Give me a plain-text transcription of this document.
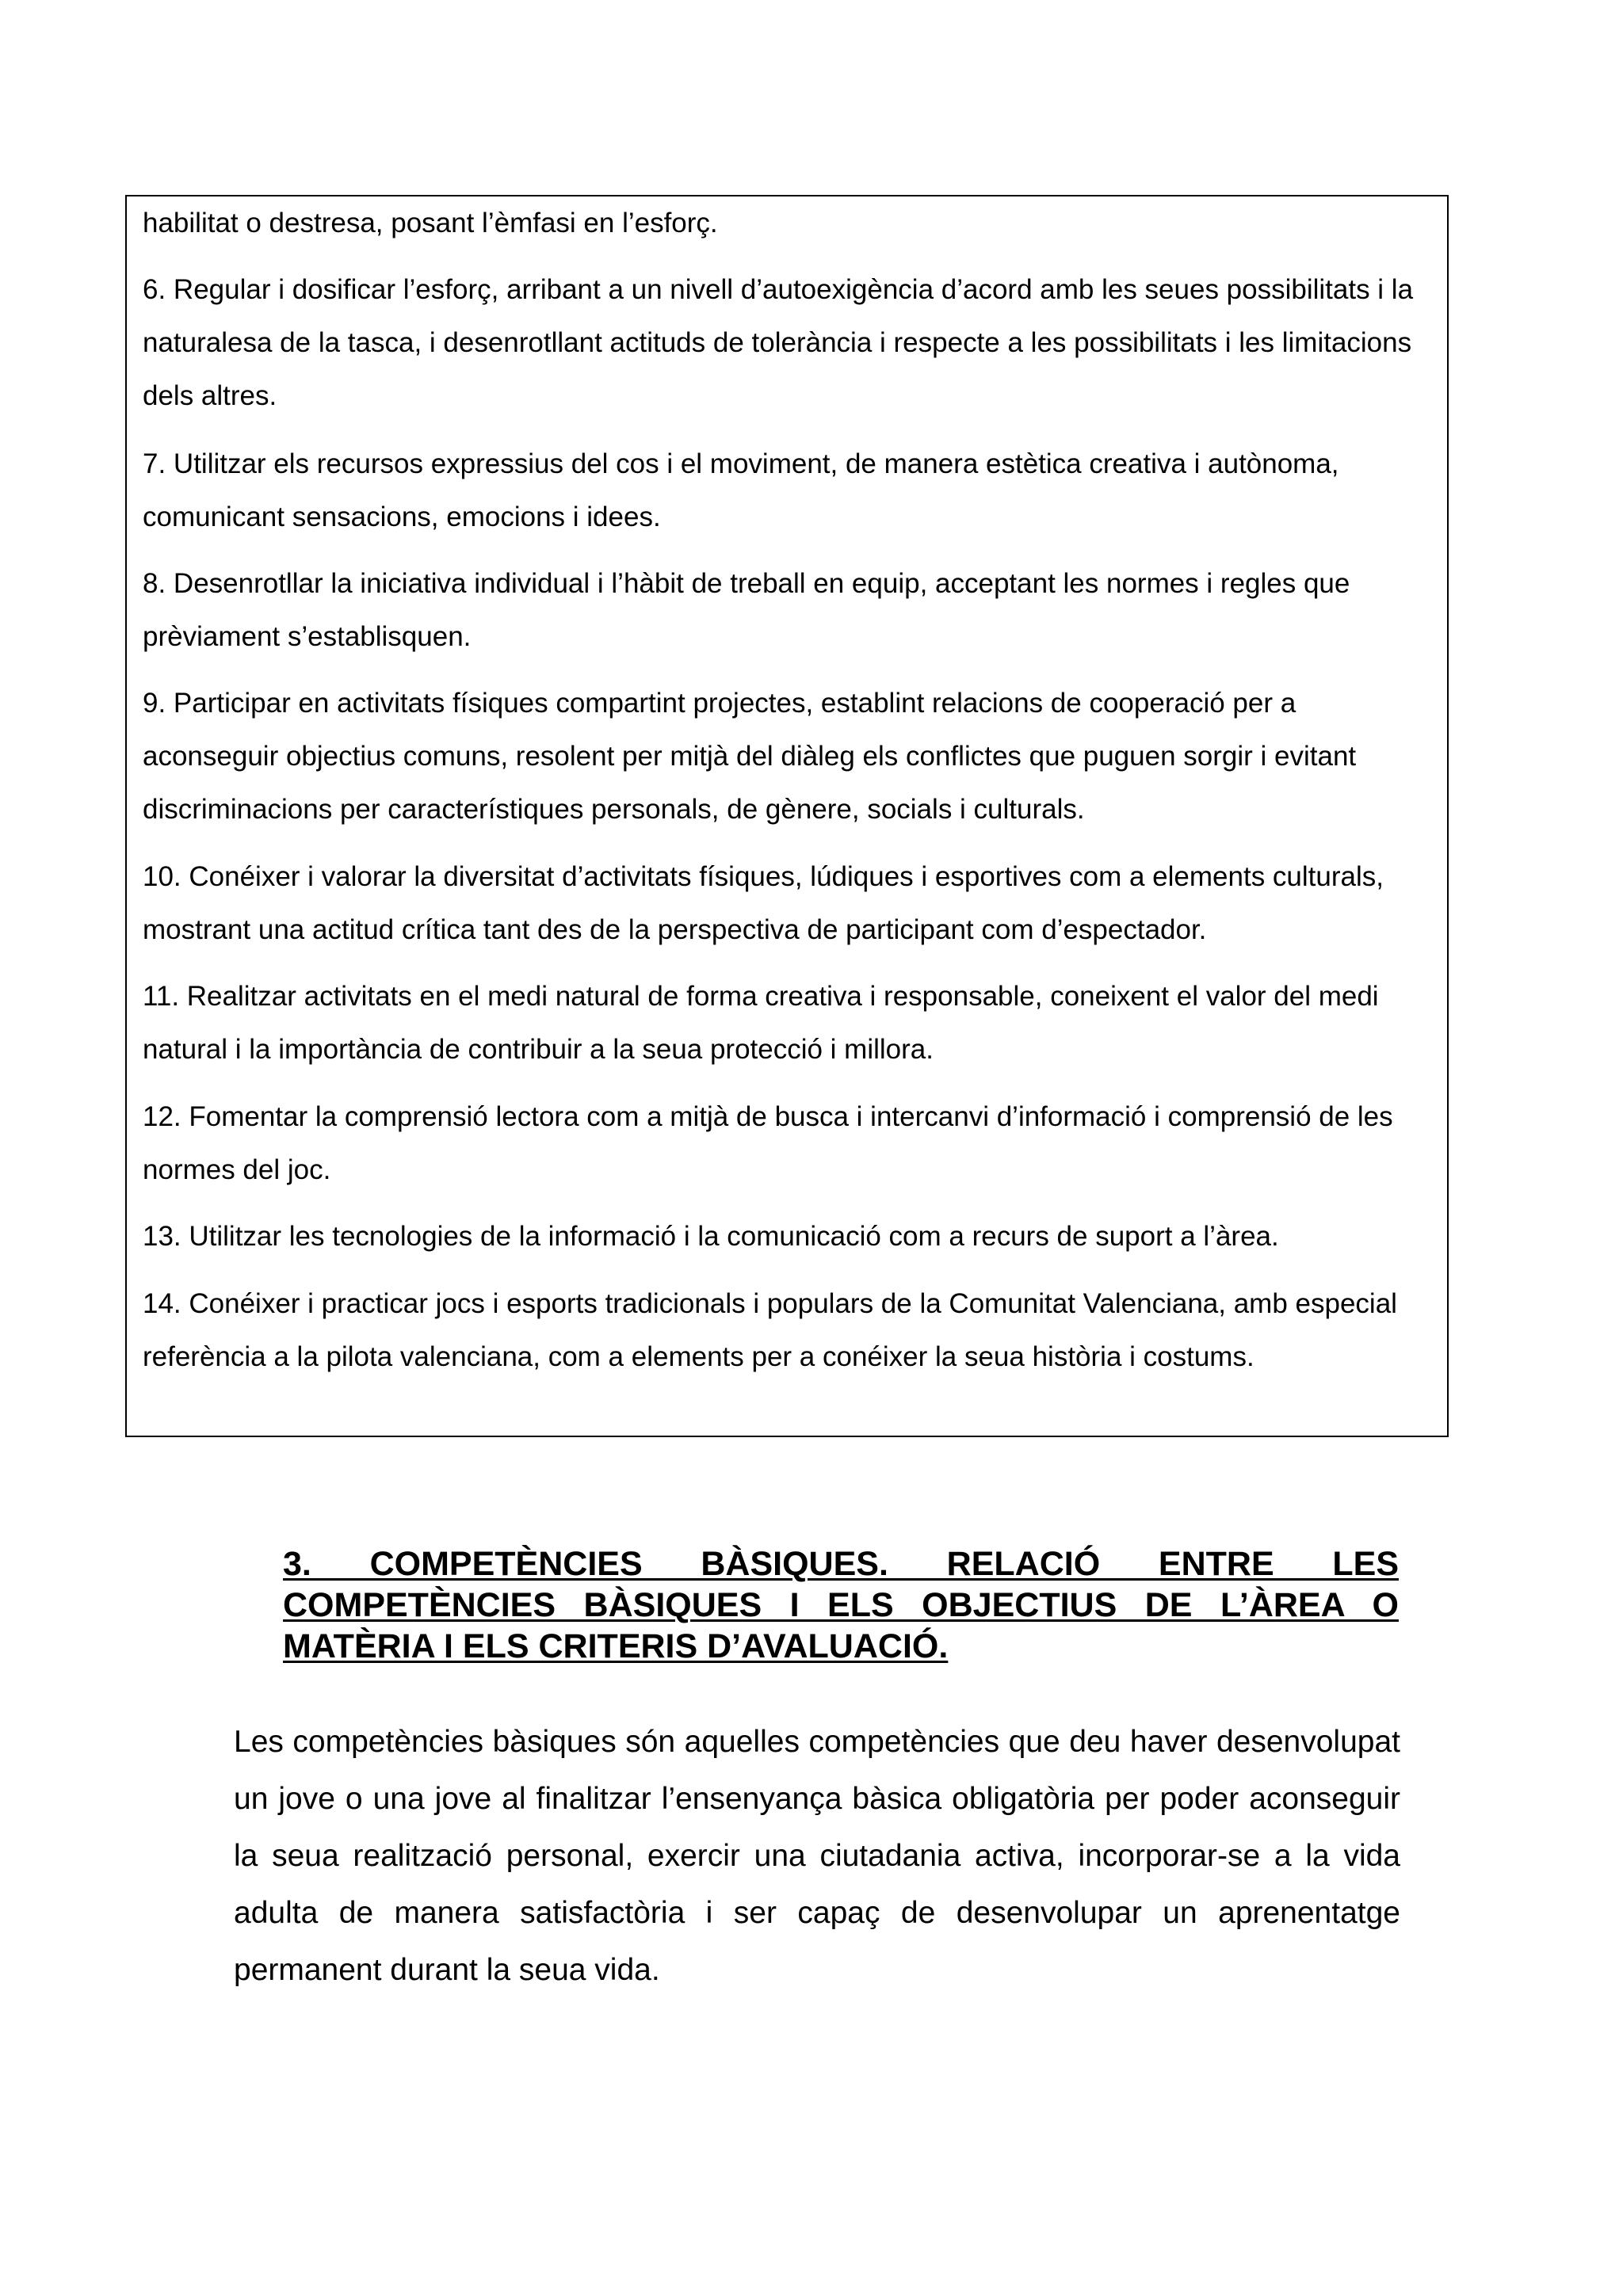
habilitat o destresa, posant l’èmfasi en l’esforç.

6. Regular i dosificar l’esforç, arribant a un nivell d’autoexigència d’acord amb les seues possibilitats i la naturalesa de la tasca, i desenrotllant actituds de tolerància i respecte a les possibilitats i les limitacions dels altres.

7. Utilitzar els recursos expressius del cos i el moviment, de manera estètica creativa i autònoma, comunicant sensacions, emocions i idees.

8. Desenrotllar la iniciativa individual i l’hàbit de treball en equip, acceptant les normes i regles que prèviament s’establisquen.

9. Participar en activitats físiques compartint projectes, establint relacions de cooperació per a aconseguir objectius comuns, resolent per mitjà del diàleg els conflictes que puguen sorgir i evitant discriminacions per característiques personals, de gènere, socials i culturals.

10. Conéixer i valorar la diversitat d’activitats físiques, lúdiques i esportives com a elements culturals, mostrant una actitud crítica tant des de la perspectiva de participant com d’espectador.

11. Realitzar activitats en el medi natural de forma creativa i responsable, coneixent el valor del medi natural i la importància de contribuir a la seua protecció i millora.

12. Fomentar la comprensió lectora com a mitjà de busca i intercanvi d’informació i comprensió de les normes del joc.

13. Utilitzar les tecnologies de la informació i la comunicació com a recurs de suport a l’àrea.

14. Conéixer i practicar jocs i esports tradicionals i populars de la Comunitat Valenciana, amb especial referència a la pilota valenciana, com a elements per a conéixer la seua història i costums.

3. COMPETÈNCIES BÀSIQUES. RELACIÓ ENTRE LES COMPETÈNCIES BÀSIQUES I ELS OBJECTIUS DE L’ÀREA O MATÈRIA I ELS CRITERIS D’AVALUACIÓ.

Les competències bàsiques són aquelles competències que deu haver desenvolupat un jove o una jove al finalitzar l’ensenyança bàsica obligatòria per poder aconseguir la seua realització personal, exercir una ciutadania activa, incorporar-se a la vida adulta de manera satisfactòria i ser capaç de desenvolupar un aprenentatge permanent durant la seua vida.
